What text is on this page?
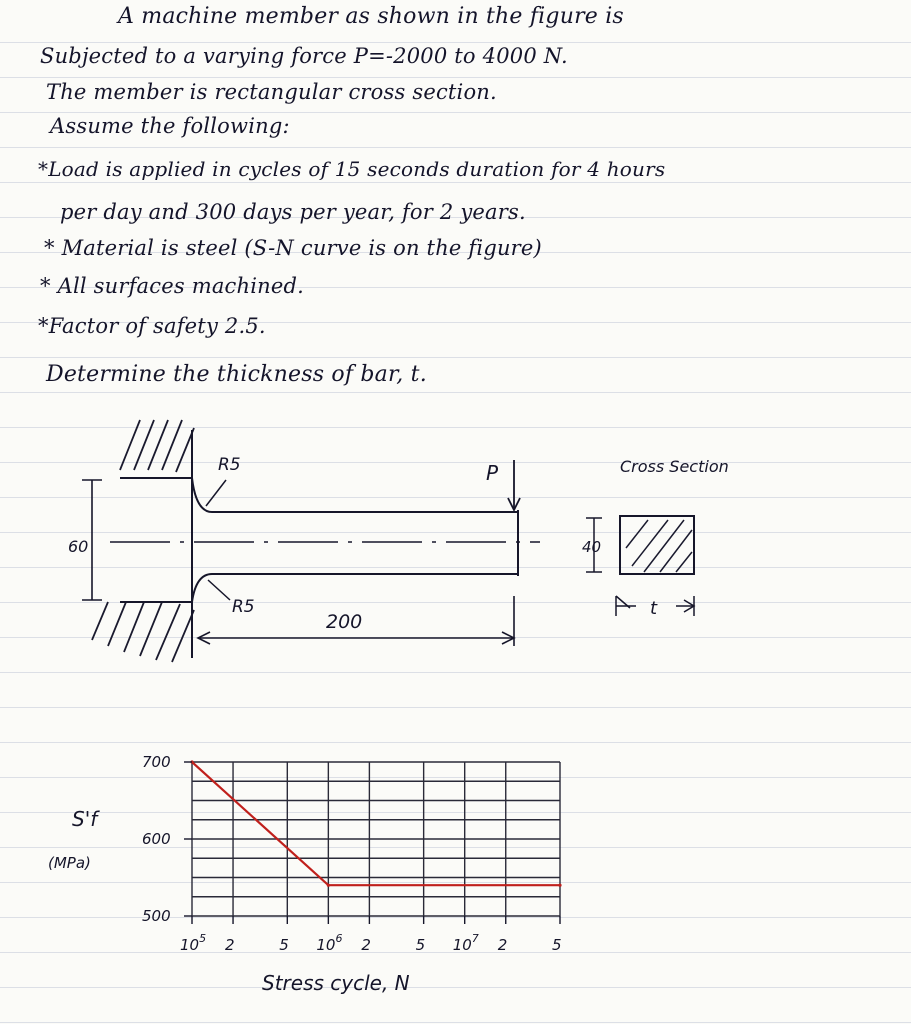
A machine member as shown in the figure is
Subjected to a varying force P=-2000 to 4000 N.
The member is rectangular cross section.
Assume the following:
*Load is applied in cycles of 15 seconds duration for 4 hours
per day and 300 days per year, for 2 years.
* Material is steel (S-N curve is on the figure)
* All surfaces machined.
*Factor of safety 2.5.
Determine the thickness of bar, t.
60
R5
R5
P
200
Cross Section
40
t
700
600
500
$10^5$ 2	5 $10^6$ 2	5 $10^7$ 2	5
S'f
(MPa)
Stress cycle, N
